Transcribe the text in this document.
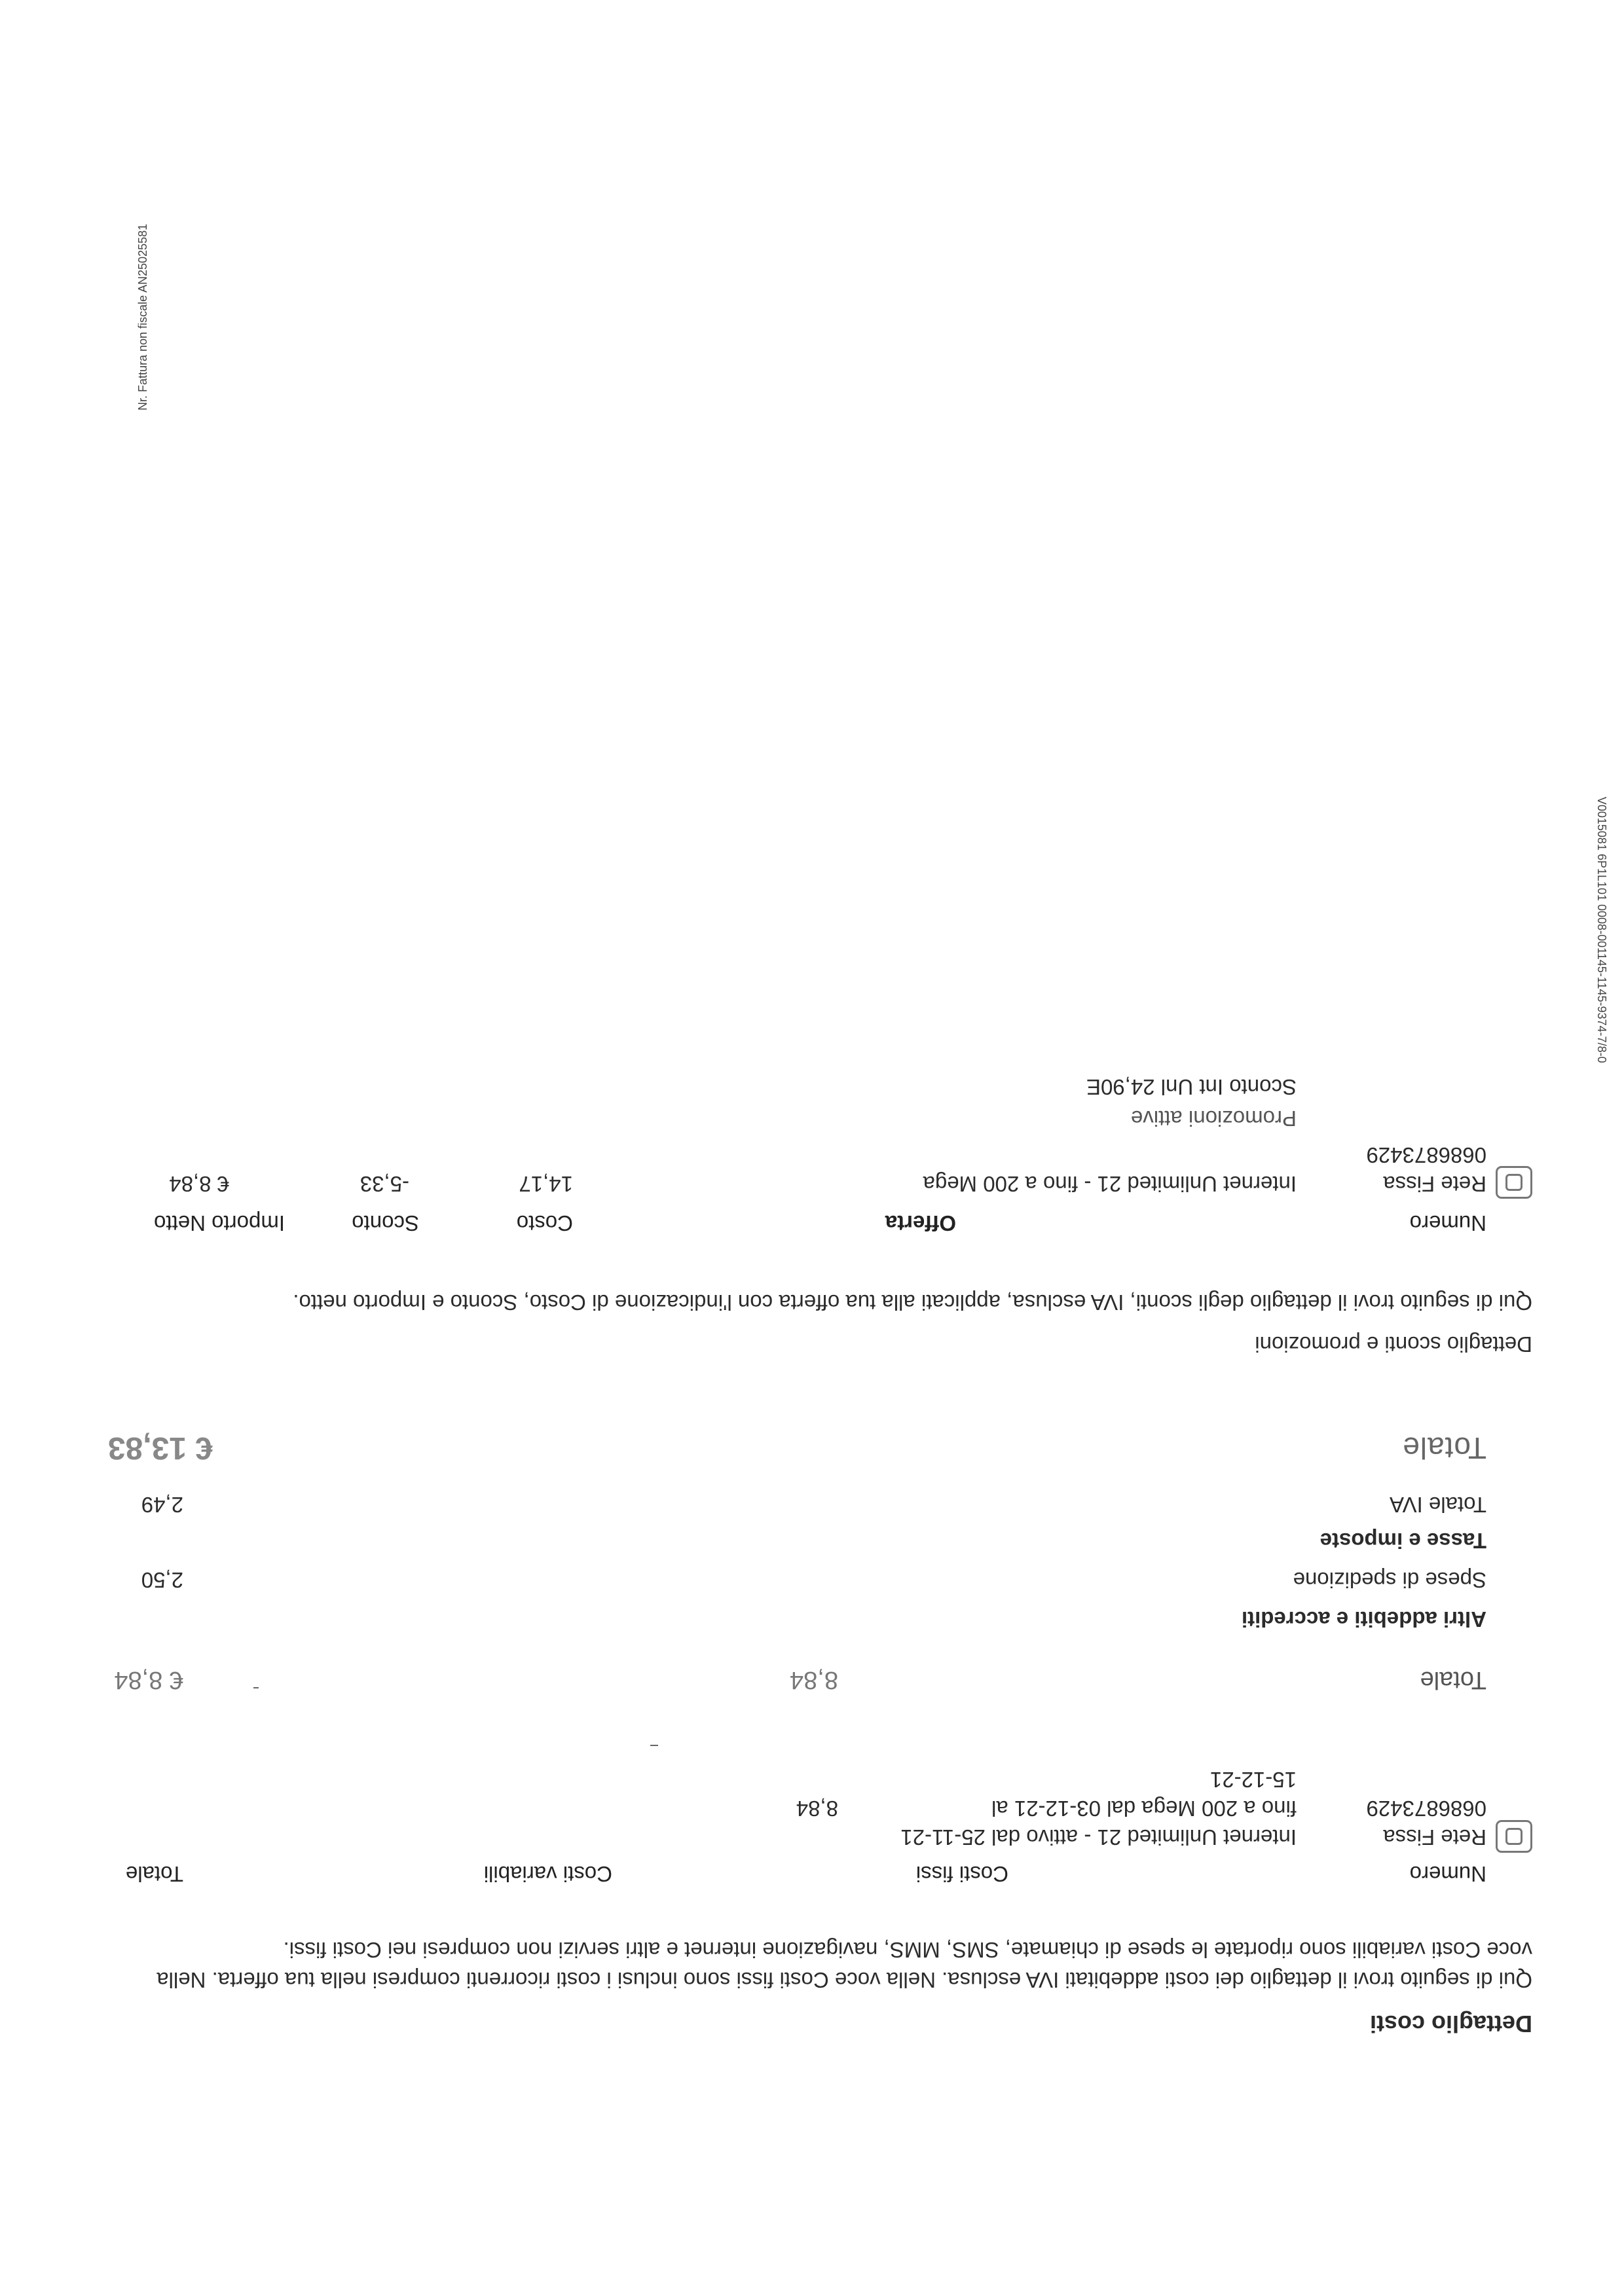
Nr. Fattura non fiscale AN25025581
V0015081 6P1L101 0008-001145-1145-9374-7/8-0
Dettaglio costi
Qui di seguito trovi il dettaglio dei costi addebitati IVA esclusa. Nella voce Costi fissi sono inclusi i costi ricorrenti compresi nella tua offerta. Nella voce Costi variabili sono riportate le spese di chiamate, SMS, MMS, navigazione internet e altri servizi non compresi nei Costi fissi.
Numero
Costi fissi
Costi variabili
Totale
Rete Fissa
0686873429
Internet Unlimited 21 - attivo dal 25-11-21
fino a 200 Mega dal 03-12-21 al
15-12-21
8,84
Totale
8,84
€ 8,84
Altri addebiti e accrediti
Spese di spedizione
2,50
Tasse e imposte
Totale IVA
2,49
Totale
€ 13,83
Dettaglio sconti e promozioni
Qui di seguito trovi il dettaglio degli sconti, IVA esclusa, applicati alla tua offerta con l'indicazione di Costo, Sconto e Importo netto.
Numero
Offerta
Costo
Sconto
Importo Netto
Rete Fissa
0686873429
Internet Unlimited 21 - fino a 200 Mega
14,17
-5,33
€ 8,84
Promozioni attive
Sconto Int Unl 24,90E
